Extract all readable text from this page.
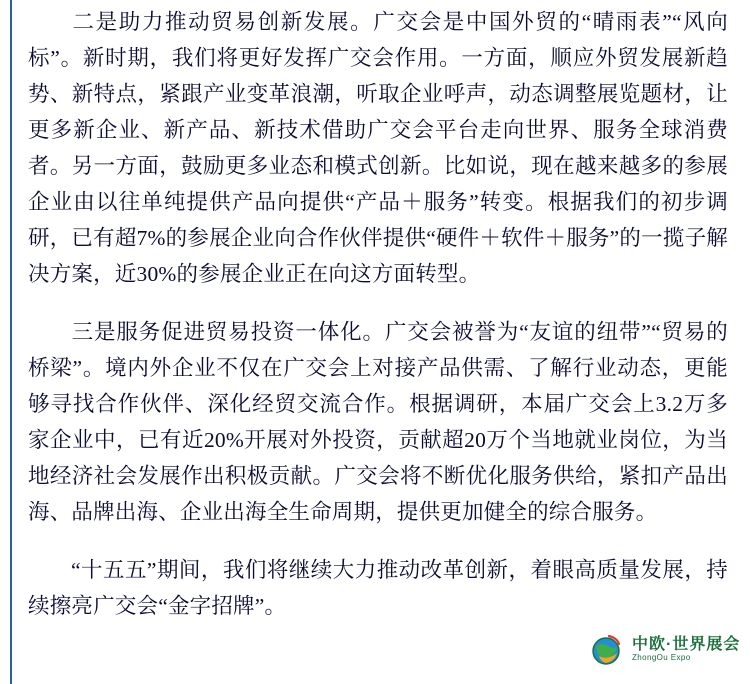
二是助力推动贸易创新发展。广交会是中国外贸的“晴雨表”“风向标”。新时期，我们将更好发挥广交会作用。一方面，顺应外贸发展新趋势、新特点，紧跟产业变革浪潮，听取企业呼声，动态调整展览题材，让更多新企业、新产品、新技术借助广交会平台走向世界、服务全球消费者。另一方面，鼓励更多业态和模式创新。比如说，现在越来越多的参展企业由以往单纯提供产品向提供“产品＋服务”转变。根据我们的初步调研，已有超7%的参展企业向合作伙伴提供“硬件＋软件＋服务”的一揽子解决方案，近30%的参展企业正在向这方面转型。

三是服务促进贸易投资一体化。广交会被誉为“友谊的纽带”“贸易的桥梁”。境内外企业不仅在广交会上对接产品供需、了解行业动态，更能够寻找合作伙伴、深化经贸交流合作。根据调研，本届广交会上3.2万多家企业中，已有近20%开展对外投资，贡献超20万个当地就业岗位，为当地经济社会发展作出积极贡献。广交会将不断优化服务供给，紧扣产品出海、品牌出海、企业出海全生命周期，提供更加健全的综合服务。

“十五五”期间，我们将继续大力推动改革创新，着眼高质量发展，持续擦亮广交会“金字招牌”。

中欧·世界展会
ZhongOu Expo
